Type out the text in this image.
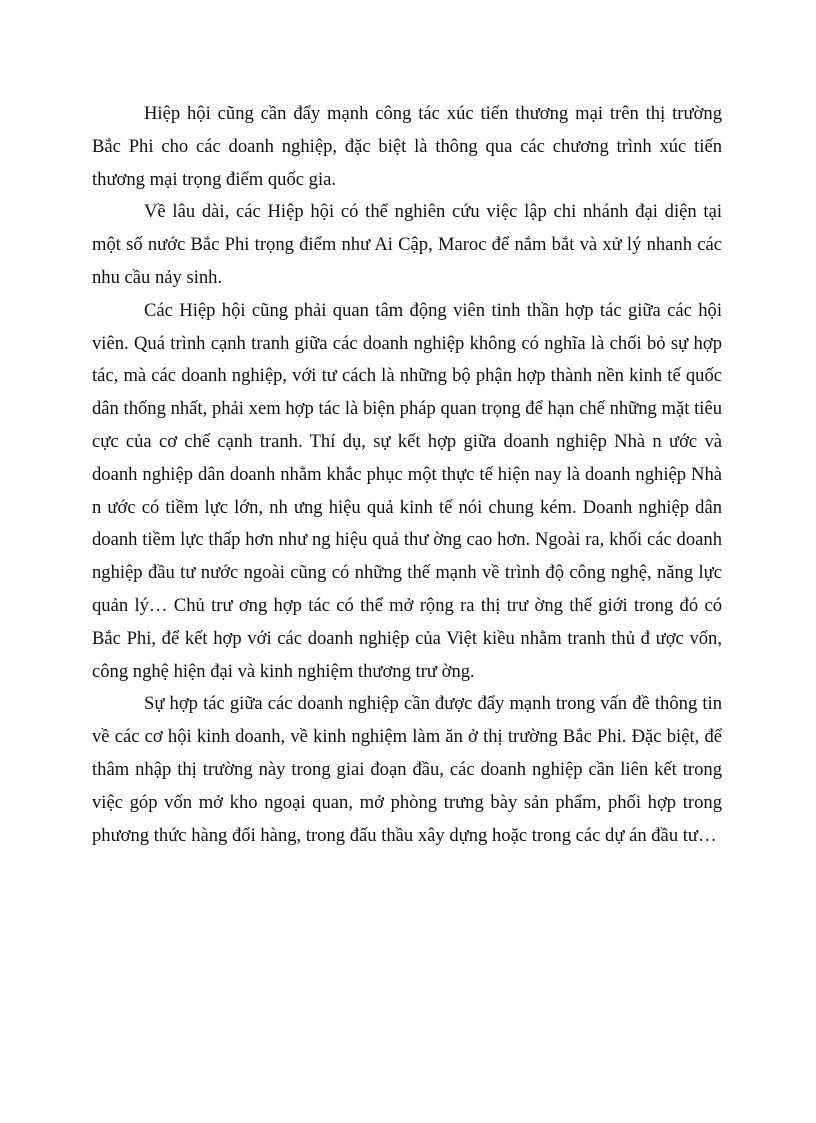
Hiệp hội cũng cần đẩy mạnh công tác xúc tiến thương mại trên thị trường Bắc Phi cho các doanh nghiệp, đặc biệt là thông qua các chương trình xúc tiến thương mại trọng điểm quốc gia.

Về lâu dài, các Hiệp hội có thể nghiên cứu việc lập chi nhánh đại diện tại một số nước Bắc Phi trọng điểm như Ai Cập, Maroc để nắm bắt và xử lý nhanh các nhu cầu nảy sinh.

Các Hiệp hội cũng phải quan tâm động viên tinh thần hợp tác giữa các hội viên. Quá trình cạnh tranh giữa các doanh nghiệp không có nghĩa là chối bỏ sự hợp tác, mà các doanh nghiệp, với tư cách là những bộ phận hợp thành nền kinh tế quốc dân thống nhất, phải xem hợp tác là biện pháp quan trọng để hạn chế những mặt tiêu cực của cơ chế cạnh tranh. Thí dụ, sự kết hợp giữa doanh nghiệp Nhà n ước và doanh nghiệp dân doanh nhằm khắc phục một thực tế hiện nay là doanh nghiệp Nhà n ước có tiềm lực lớn, nh ưng hiệu quả kinh tế nói chung kém. Doanh nghiệp dân doanh tiềm lực thấp hơn như ng hiệu quả thư ờng cao hơn. Ngoài ra, khối các doanh nghiệp đầu tư nước ngoài cũng có những thế mạnh về trình độ công nghệ, năng lực quản lý… Chủ trư ơng hợp tác có thể mở rộng ra thị trư ờng thế giới trong đó có Bắc Phi, để kết hợp với các doanh nghiệp của Việt kiều nhằm tranh thủ đ ược vốn, công nghệ hiện đại và kinh nghiệm thương trư ờng.

Sự hợp tác giữa các doanh nghiệp cần được đẩy mạnh trong vấn đề thông tin về các cơ hội kinh doanh, về kinh nghiệm làm ăn ở thị trường Bắc Phi. Đặc biệt, để thâm nhập thị trường này trong giai đoạn đầu, các doanh nghiệp cần liên kết trong việc góp vốn mở kho ngoại quan, mở phòng trưng bày sản phẩm, phối hợp trong phương thức hàng đổi hàng, trong đấu thầu xây dựng hoặc trong các dự án đầu tư…
